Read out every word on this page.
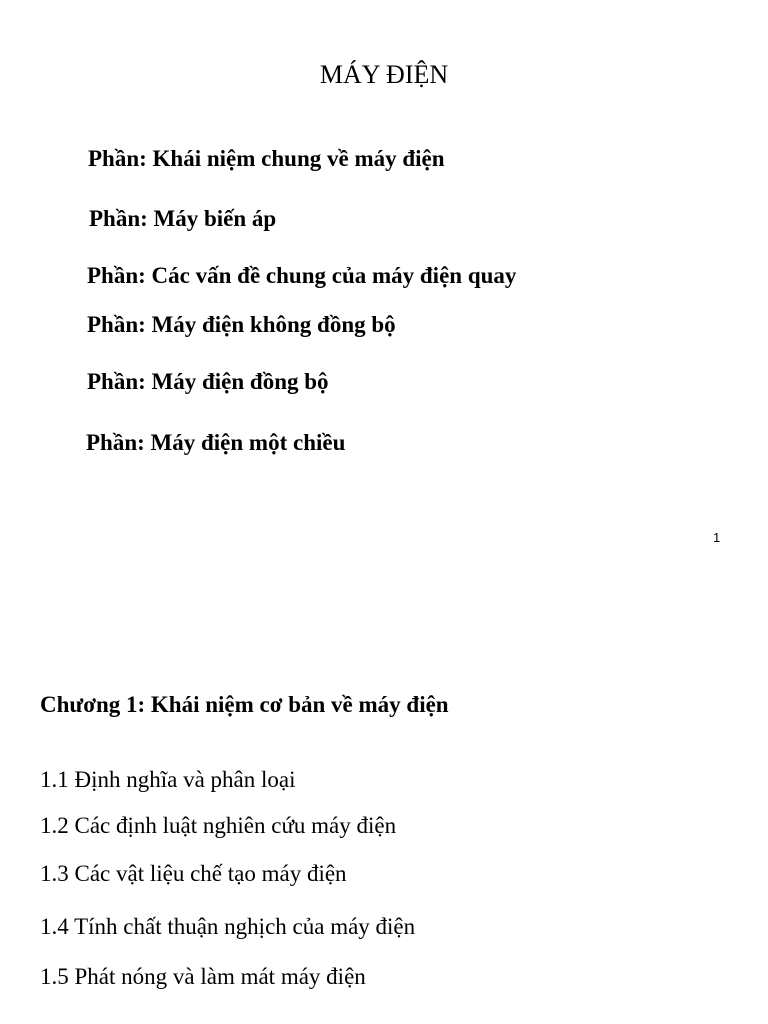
MÁY ĐIỆN
Phần: Khái niệm chung về máy điện
Phần: Máy biến áp
Phần: Các vấn đề chung của máy điện quay
Phần: Máy điện không đồng bộ
Phần: Máy điện đồng bộ
Phần: Máy điện một chiều
1
Chương 1: Khái niệm cơ bản về máy điện
1.1 Định nghĩa và phân loại
1.2 Các định luật nghiên cứu máy điện
1.3 Các vật liệu chế tạo máy điện
1.4 Tính chất thuận nghịch của máy điện
1.5 Phát nóng và làm mát máy điện
